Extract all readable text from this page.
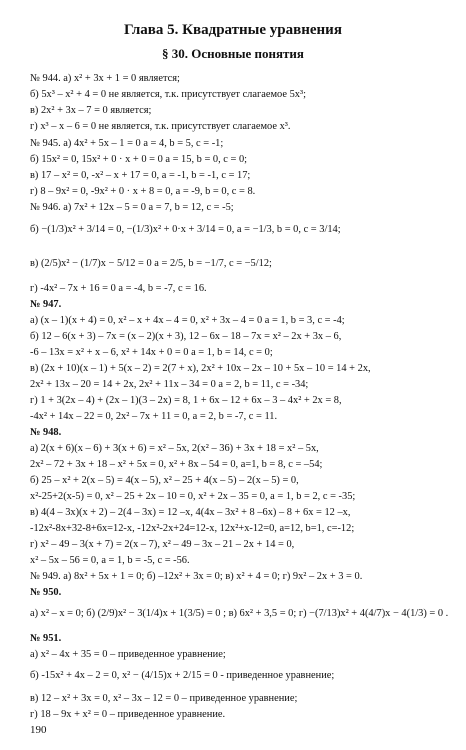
Глава 5. Квадратные уравнения
§ 30. Основные понятия
№ 944. а) x² + 3x + 1 = 0 является;
б) 5x³ – x² + 4 = 0 не является, т.к. присутствует слагаемое 5x³;
в) 2x² + 3x – 7 = 0 является;
г) x³ – x – 6 = 0 не является, т.к. присутствует слагаемое x³.
№ 945. а) 4x² + 5x – 1 = 0 a = 4, b = 5, c = -1;
б) 15x² = 0, 15x² + 0 · x + 0 = 0 a = 15, b = 0, c = 0;
в) 17 – x² = 0, -x² – x + 17 = 0, a = -1, b = -1, c = 17;
г) 8 – 9x² = 0, -9x² + 0 · x + 8 = 0, a = -9, b = 0, c = 8.
№ 946. а) 7x² + 12x – 5 = 0 a = 7, b = 12, c = -5;
б) −(1/3)x² + 3/14 = 0, −(1/3)x² + 0·x + 3/14 = 0, a = −1/3, b = 0, c = 3/14;
в) (2/5)x² − (1/7)x − 5/12 = 0 a = 2/5, b = −1/7, c = −5/12;
г) -4x² – 7x + 16 = 0 a = -4, b = -7, c = 16.
№ 947.
а) (x – 1)(x + 4) = 0, x² – x + 4x – 4 = 0, x² + 3x – 4 = 0 a = 1, b = 3, c = -4;
б) 12 – 6(x + 3) – 7x = (x – 2)(x + 3), 12 – 6x – 18 – 7x = x² – 2x + 3x – 6,
-6 – 13x = x² + x – 6, x² + 14x + 0 = 0 a = 1, b = 14, c = 0;
в) (2x + 10)(x – 1) + 5(x – 2) = 2(7 + x), 2x² + 10x – 2x – 10 + 5x – 10 = 14 + 2x,
2x² + 13x – 20 = 14 + 2x, 2x² + 11x – 34 = 0 a = 2, b = 11, c = -34;
г) 1 + 3(2x – 4) + (2x – 1)(3 – 2x) = 8, 1 + 6x – 12 + 6x – 3 – 4x² + 2x = 8,
-4x² + 14x – 22 = 0, 2x² – 7x + 11 = 0, a = 2, b = -7, c = 11.
№ 948.
а) 2(x + 6)(x – 6) + 3(x + 6) = x² – 5x, 2(x² – 36) + 3x + 18 = x² – 5x,
2x² – 72 + 3x + 18 – x² + 5x = 0, x² + 8x – 54 = 0, a=1, b = 8, c = –54;
б) 25 – x² + 2(x – 5) = 4(x – 5), x² – 25 + 4(x – 5) – 2(x – 5) = 0,
x²-25+2(x-5) = 0, x² – 25 + 2x – 10 = 0, x² + 2x – 35 = 0, a = 1, b = 2, c = -35;
в) 4(4 – 3x)(x + 2) – 2(4 – 3x) = 12 –x, 4(4x – 3x² + 8 –6x) – 8 + 6x = 12 –x,
-12x²-8x+32-8+6x=12-x, -12x²-2x+24=12-x, 12x²+x-12=0, a=12, b=1, c=-12;
г) x² – 49 – 3(x + 7) = 2(x – 7), x² – 49 – 3x – 21 – 2x + 14 = 0,
x² – 5x – 56 = 0, a = 1, b = -5, c = -56.
№ 949. а) 8x² + 5x + 1 = 0; б) –12x² + 3x = 0; в) x² + 4 = 0; г) 9x² – 2x + 3 = 0.
№ 950.
а) x² – x = 0; б) (2/9)x² − 3(1/4)x + 1(3/5) = 0 ; в) 6x² + 3,5 = 0; г) −(7/13)x² + 4(4/7)x − 4(1/3) = 0 .
№ 951.
а) x² – 4x + 35 = 0 – приведенное уравнение;
б) -15x² + 4x – 2 = 0, x² − (4/15)x + 2/15 = 0 - приведенное уравнение;
в) 12 – x² + 3x = 0, x² – 3x – 12 = 0 – приведенное уравнение;
г) 18 – 9x + x² = 0 – приведенное уравнение.
190
